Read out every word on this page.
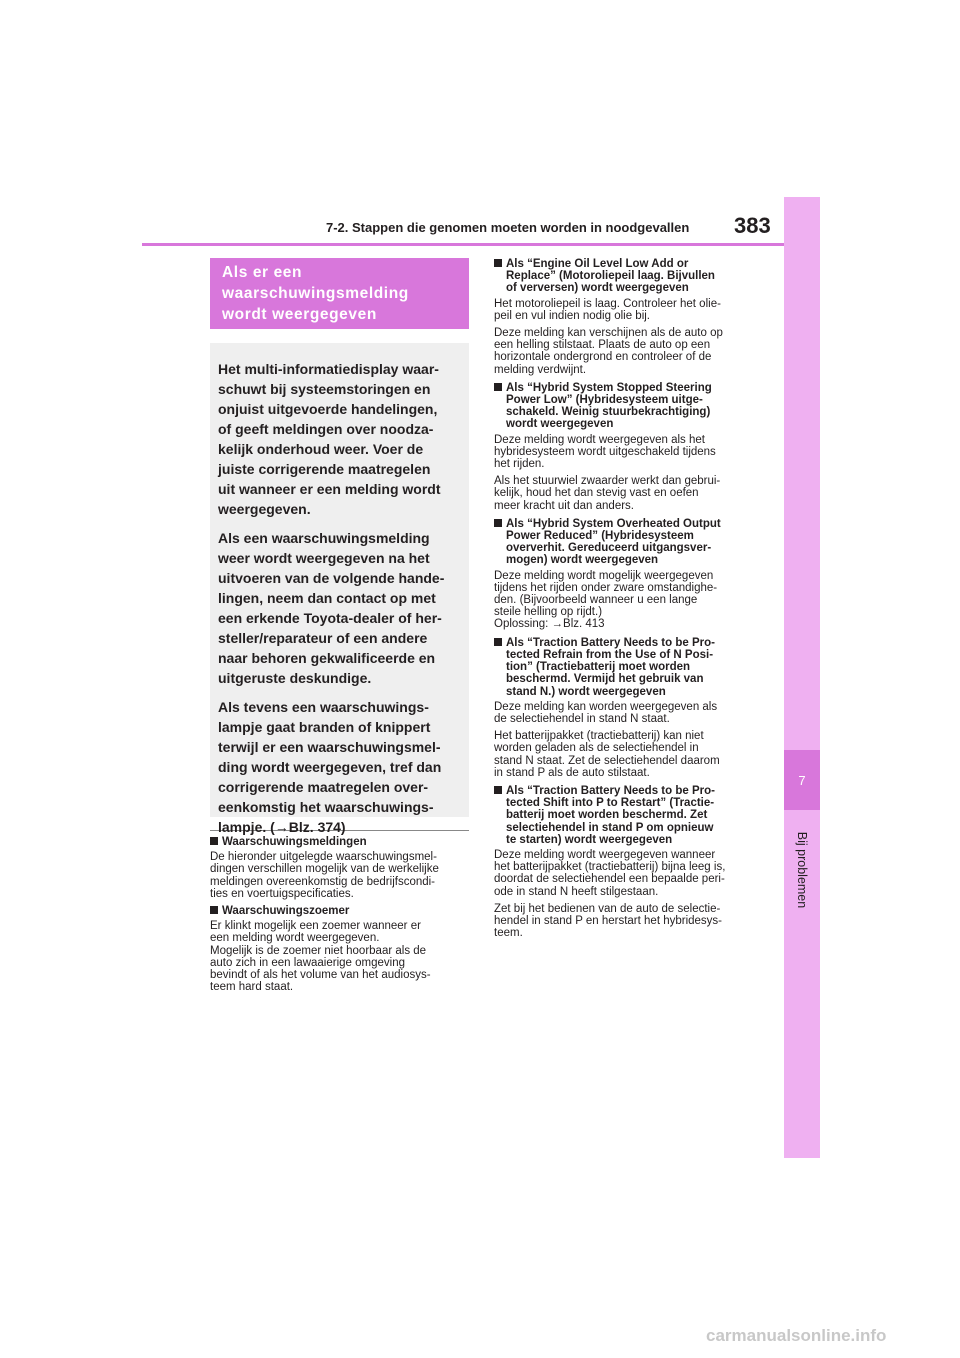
7
Bij problemen
7-2. Stappen die genomen moeten worden in noodgevallen 383
Als er een
waarschuwingsmelding
wordt weergegeven

Het multi-informatiedisplay waar-
schuwt bij systeemstoringen en
onjuist uitgevoerde handelingen,
of geeft meldingen over noodza-
kelijk onderhoud weer. Voer de
juiste corrigerende maatregelen
uit wanneer er een melding wordt
weergegeven.

Als een waarschuwingsmelding
weer wordt weergegeven na het
uitvoeren van de volgende hande-
lingen, neem dan contact op met
een erkende Toyota-dealer of her-
steller/reparateur of een andere
naar behoren gekwalificeerde en
uitgeruste deskundige.

Als tevens een waarschuwings-
lampje gaat branden of knippert
terwijl er een waarschuwingsmel-
ding wordt weergegeven, tref dan
corrigerende maatregelen over-
eenkomstig het waarschuwings-
lampje. (→Blz. 374)

Waarschuwingsmeldingen
De hieronder uitgelegde waarschuwingsmel-
dingen verschillen mogelijk van de werkelijke
meldingen overeenkomstig de bedrijfscondi-
ties en voertuigspecificaties.
Waarschuwingszoemer
Er klinkt mogelijk een zoemer wanneer er
een melding wordt weergegeven.
Mogelijk is de zoemer niet hoorbaar als de
auto zich in een lawaaierige omgeving
bevindt of als het volume van het audiosys-
teem hard staat.
Als “Engine Oil Level Low Add or
Replace” (Motoroliepeil laag. Bijvullen
of verversen) wordt weergegeven
Het motoroliepeil is laag. Controleer het olie-
peil en vul indien nodig olie bij.
Deze melding kan verschijnen als de auto op
een helling stilstaat. Plaats de auto op een
horizontale ondergrond en controleer of de
melding verdwijnt.
Als “Hybrid System Stopped Steering
Power Low” (Hybridesysteem uitge-
schakeld. Weinig stuurbekrachtiging)
wordt weergegeven
Deze melding wordt weergegeven als het
hybridesysteem wordt uitgeschakeld tijdens
het rijden.
Als het stuurwiel zwaarder werkt dan gebrui-
kelijk, houd het dan stevig vast en oefen
meer kracht uit dan anders.
Als “Hybrid System Overheated Output
Power Reduced” (Hybridesysteem
oververhit. Gereduceerd uitgangsver-
mogen) wordt weergegeven
Deze melding wordt mogelijk weergegeven
tijdens het rijden onder zware omstandighe-
den. (Bijvoorbeeld wanneer u een lange
steile helling op rijdt.)
Oplossing: →Blz. 413
Als “Traction Battery Needs to be Pro-
tected Refrain from the Use of N Posi-
tion” (Tractiebatterij moet worden
beschermd. Vermijd het gebruik van
stand N.) wordt weergegeven
Deze melding kan worden weergegeven als
de selectiehendel in stand N staat.
Het batterijpakket (tractiebatterij) kan niet
worden geladen als de selectiehendel in
stand N staat. Zet de selectiehendel daarom
in stand P als de auto stilstaat.
Als “Traction Battery Needs to be Pro-
tected Shift into P to Restart” (Tractie-
batterij moet worden beschermd. Zet
selectiehendel in stand P om opnieuw
te starten) wordt weergegeven
Deze melding wordt weergegeven wanneer
het batterijpakket (tractiebatterij) bijna leeg is,
doordat de selectiehendel een bepaalde peri-
ode in stand N heeft stilgestaan.
Zet bij het bedienen van de auto de selectie-
hendel in stand P en herstart het hybridesys-
teem.
carmanualsonline.info
